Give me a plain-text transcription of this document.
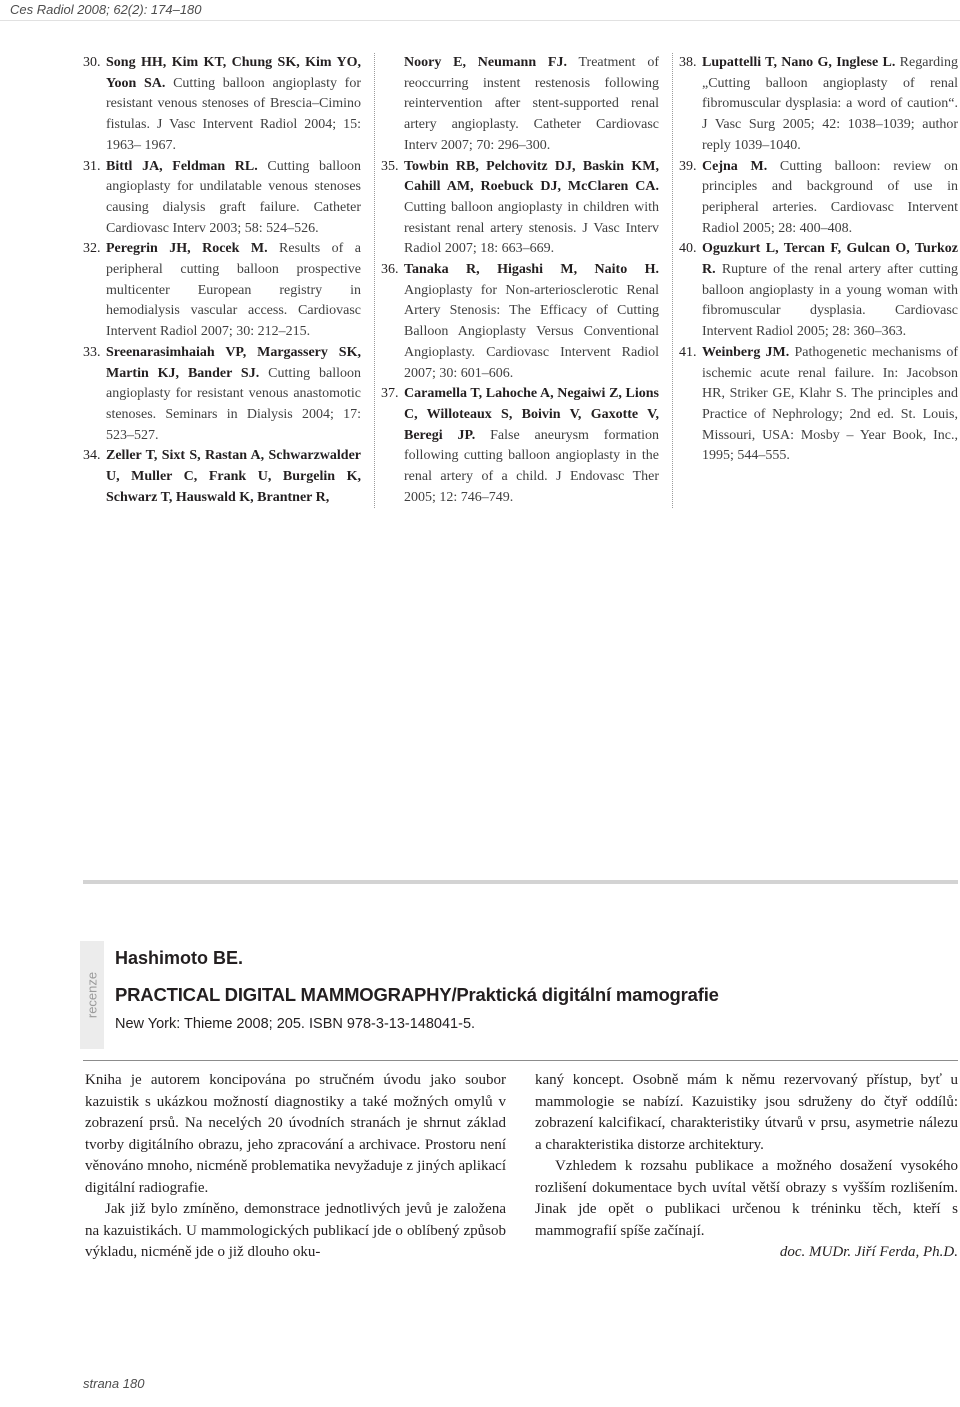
Ces Radiol 2008; 62(2): 174–180
30. Song HH, Kim KT, Chung SK, Kim YO, Yoon SA. Cutting balloon angioplasty for resistant venous stenoses of Brescia–Cimino fistulas. J Vasc Intervent Radiol 2004; 15: 1963– 1967.
31. Bittl JA, Feldman RL. Cutting balloon angioplasty for undilatable venous stenoses causing dialysis graft failure. Catheter Cardiovasc Interv 2003; 58: 524–526.
32. Peregrin JH, Rocek M. Results of a peripheral cutting balloon prospective multicenter European registry in hemodialysis vascular access. Cardiovasc Intervent Radiol 2007; 30: 212–215.
33. Sreenarasimhaiah VP, Margassery SK, Martin KJ, Bander SJ. Cutting balloon angioplasty for resistant venous anastomotic stenoses. Seminars in Dialysis 2004; 17: 523–527.
34. Zeller T, Sixt S, Rastan A, Schwarzwalder U, Muller C, Frank U, Burgelin K, Schwarz T, Hauswald K, Brantner R,
Noory E, Neumann FJ. Treatment of reoccurring instent restenosis following reintervention after stent-supported renal artery angioplasty. Catheter Cardiovasc Interv 2007; 70: 296–300.
35. Towbin RB, Pelchovitz DJ, Baskin KM, Cahill AM, Roebuck DJ, McClaren CA. Cutting balloon angioplasty in children with resistant renal artery stenosis. J Vasc Interv Radiol 2007; 18: 663–669.
36. Tanaka R, Higashi M, Naito H. Angioplasty for Non-arteriosclerotic Renal Artery Stenosis: The Efficacy of Cutting Balloon Angioplasty Versus Conventional Angioplasty. Cardiovasc Intervent Radiol 2007; 30: 601–606.
37. Caramella T, Lahoche A, Negaiwi Z, Lions C, Willoteaux S, Boivin V, Gaxotte V, Beregi JP. False aneurysm formation following cutting balloon angioplasty in the renal artery of a child. J Endovasc Ther 2005; 12: 746–749.
38. Lupattelli T, Nano G, Inglese L. Regarding „Cutting balloon angioplasty of renal fibromuscular dysplasia: a word of caution“. J Vasc Surg 2005; 42: 1038–1039; author reply 1039–1040.
39. Cejna M. Cutting balloon: review on principles and background of use in peripheral arteries. Cardiovasc Intervent Radiol 2005; 28: 400–408.
40. Oguzkurt L, Tercan F, Gulcan O, Turkoz R. Rupture of the renal artery after cutting balloon angioplasty in a young woman with fibromuscular dysplasia. Cardiovasc Intervent Radiol 2005; 28: 360–363.
41. Weinberg JM. Pathogenetic mechanisms of ischemic acute renal failure. In: Jacobson HR, Striker GE, Klahr S. The principles and Practice of Nephrology; 2nd ed. St. Louis, Missouri, USA: Mosby – Year Book, Inc., 1995; 544–555.
recenze
Hashimoto BE.
PRACTICAL DIGITAL MAMMOGRAPHY/Praktická digitální mamografie
New York: Thieme 2008; 205. ISBN 978-3-13-148041-5.

Kniha je autorem koncipována po stručném úvodu jako soubor kazuistik s ukázkou možností diagnostiky a také možných omylů v zobrazení prsů. Na necelých 20 úvodních stranách je shrnut základ tvorby digitálního obrazu, jeho zpracování a archivace. Prostoru není věnováno mnoho, nicméně problematika nevyžaduje z jiných aplikací digitální radiografie.

Jak již bylo zmíněno, demonstrace jednotlivých jevů je založena na kazuistikách. U mammologických publikací jde o oblíbený způsob výkladu, nicméně jde o již dlouho oku-

kaný koncept. Osobně mám k němu rezervovaný přístup, byť u mammologie se nabízí. Kazuistiky jsou sdruženy do čtyř oddílů: zobrazení kalcifikací, charakteristiky útvarů v prsu, asymetrie nálezu a charakteristika distorze architektury.

Vzhledem k rozsahu publikace a možného dosažení vysokého rozlišení dokumentace bych uvítal větší obrazy s vyšším rozlišením. Jinak jde opět o publikaci určenou k tréninku těch, kteří s mammografií spíše začínají.

doc. MUDr. Jiří Ferda, Ph.D.

strana 180
